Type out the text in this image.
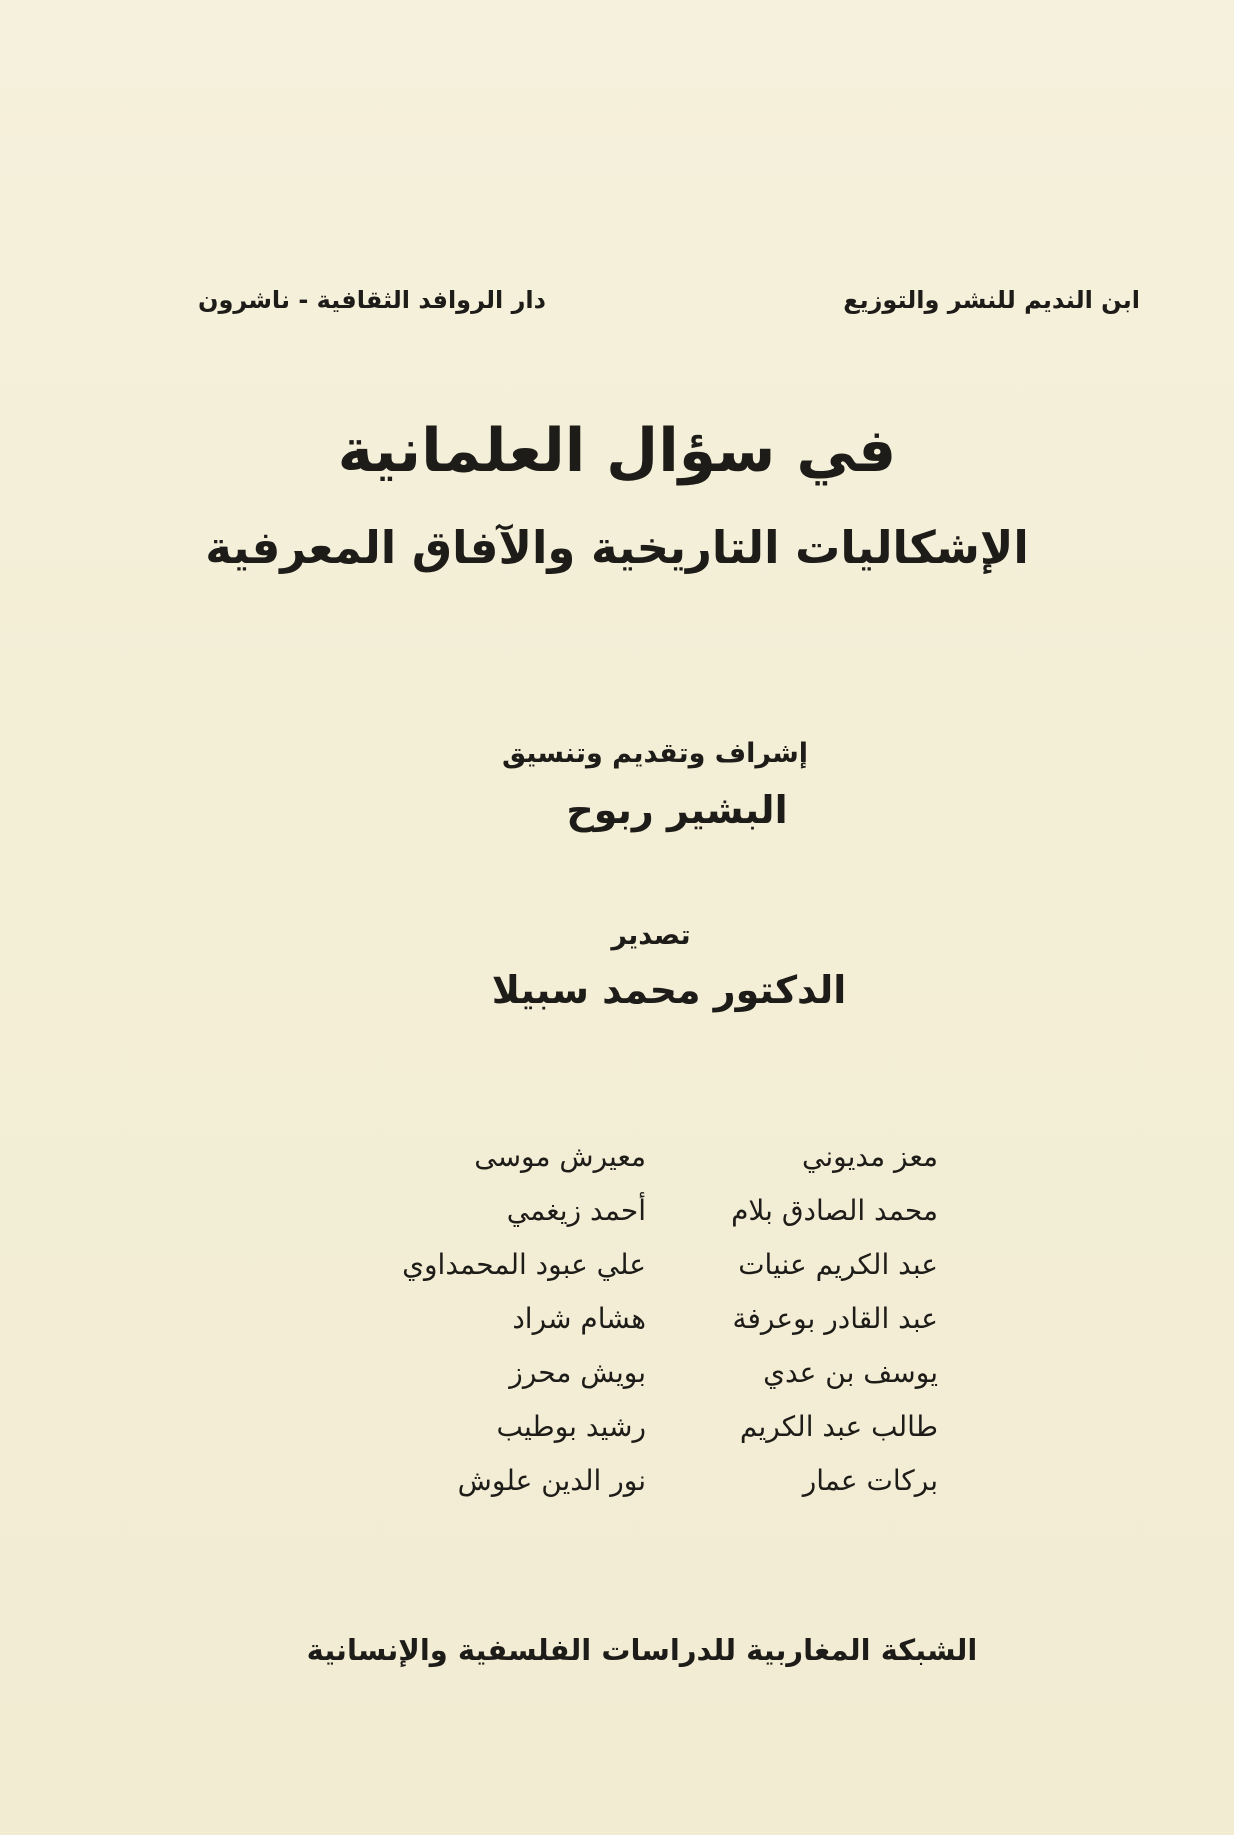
ابن النديم للنشر والتوزيع
دار الروافد الثقافية - ناشرون
في سؤال العلمانية
الإشكاليات التاريخية والآفاق المعرفية
إشراف وتقديم وتنسيق
البشير ربوح
تصدير
الدكتور محمد سبيلا
معز مديوني
محمد الصادق بلام
عبد الكريم عنيات
عبد القادر بوعرفة
يوسف بن عدي
طالب عبد الكريم
بركات عمار
معيرش موسى
أحمد زيغمي
علي عبود المحمداوي
هشام شراد
بويش محرز
رشيد بوطيب
نور الدين علوش
الشبكة المغاربية للدراسات الفلسفية والإنسانية
